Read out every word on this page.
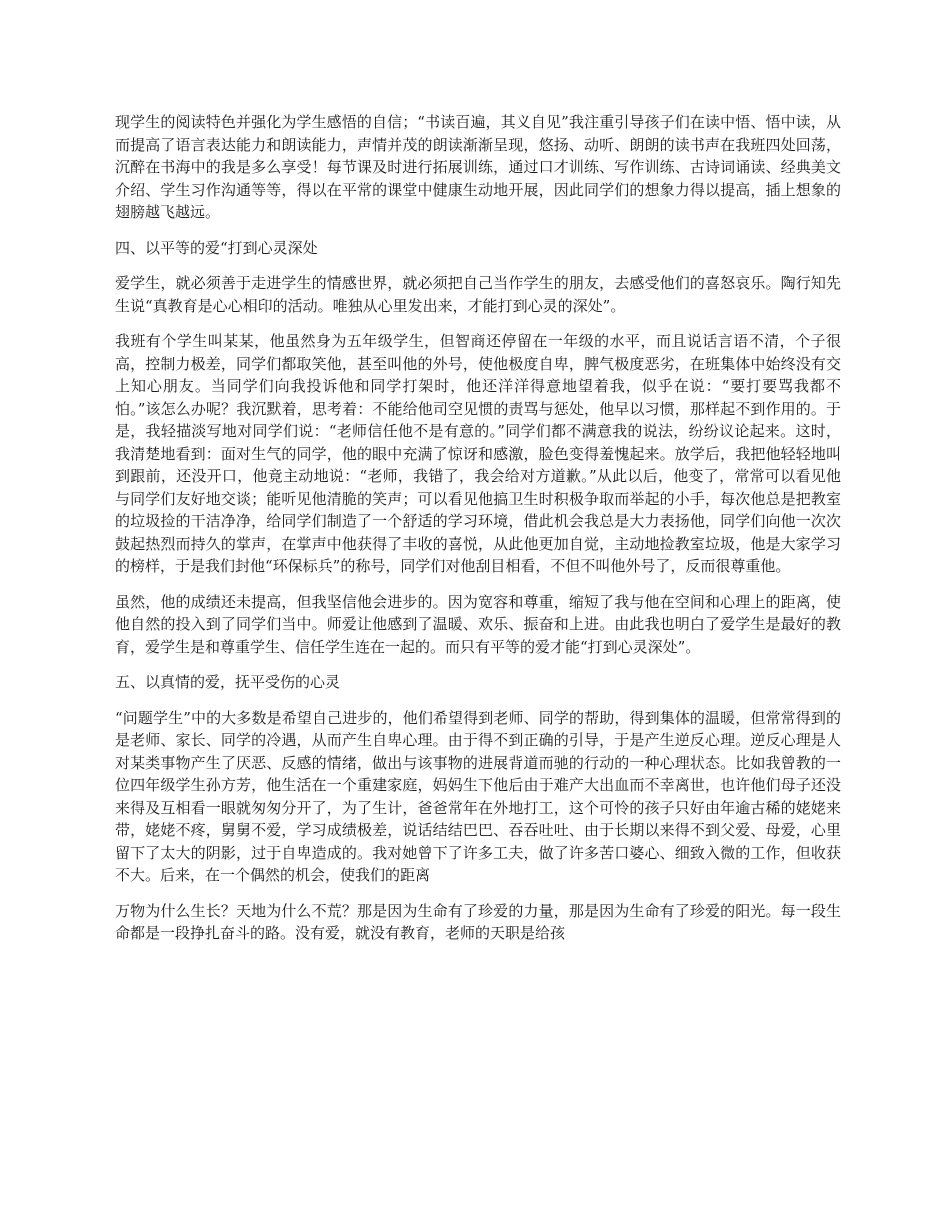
现学生的阅读特色并强化为学生感悟的自信；“书读百遍，其义自见”我注重引导孩子们在读中悟、悟中读，从而提高了语言表达能力和朗读能力，声情并茂的朗读渐渐呈现，悠扬、动听、朗朗的读书声在我班四处回荡，沉醉在书海中的我是多么享受！每节课及时进行拓展训练，通过口才训练、写作训练、古诗词诵读、经典美文介绍、学生习作沟通等等，得以在平常的课堂中健康生动地开展，因此同学们的想象力得以提高，插上想象的翅膀越飞越远。

四、以平等的爱“打到心灵深处

爱学生，就必须善于走进学生的情感世界，就必须把自己当作学生的朋友，去感受他们的喜怒哀乐。陶行知先生说“真教育是心心相印的活动。唯独从心里发出来，才能打到心灵的深处”。

我班有个学生叫某某，他虽然身为五年级学生，但智商还停留在一年级的水平，而且说话言语不清，个子很高，控制力极差，同学们都取笑他，甚至叫他的外号，使他极度自卑，脾气极度恶劣，在班集体中始终没有交上知心朋友。当同学们向我投诉他和同学打架时，他还洋洋得意地望着我，似乎在说：“要打要骂我都不怕。”该怎么办呢？我沉默着，思考着：不能给他司空见惯的责骂与惩处，他早以习惯，那样起不到作用的。于是，我轻描淡写地对同学们说：“老师信任他不是有意的。”同学们都不满意我的说法，纷纷议论起来。这时，我清楚地看到：面对生气的同学，他的眼中充满了惊讶和感激，脸色变得羞愧起来。放学后，我把他轻轻地叫到跟前，还没开口，他竟主动地说：“老师，我错了，我会给对方道歉。”从此以后，他变了，常常可以看见他与同学们友好地交谈；能听见他清脆的笑声；可以看见他搞卫生时积极争取而举起的小手，每次他总是把教室的垃圾捡的干洁净净，给同学们制造了一个舒适的学习环境，借此机会我总是大力表扬他，同学们向他一次次鼓起热烈而持久的掌声，在掌声中他获得了丰收的喜悦，从此他更加自觉，主动地捡教室垃圾，他是大家学习的榜样，于是我们封他“环保标兵”的称号，同学们对他刮目相看，不但不叫他外号了，反而很尊重他。

虽然，他的成绩还未提高，但我坚信他会进步的。因为宽容和尊重，缩短了我与他在空间和心理上的距离，使他自然的投入到了同学们当中。师爱让他感到了温暖、欢乐、振奋和上进。由此我也明白了爱学生是最好的教育，爱学生是和尊重学生、信任学生连在一起的。而只有平等的爱才能“打到心灵深处”。

五、以真情的爱，抚平受伤的心灵

“问题学生”中的大多数是希望自己进步的，他们希望得到老师、同学的帮助，得到集体的温暖，但常常得到的是老师、家长、同学的冷遇，从而产生自卑心理。由于得不到正确的引导，于是产生逆反心理。逆反心理是人对某类事物产生了厌恶、反感的情绪，做出与该事物的进展背道而驰的行动的一种心理状态。比如我曾教的一位四年级学生孙方芳，他生活在一个重建家庭，妈妈生下他后由于难产大出血而不幸离世，也许他们母子还没来得及互相看一眼就匆匆分开了，为了生计，爸爸常年在外地打工，这个可怜的孩子只好由年逾古稀的姥姥来带，姥姥不疼，舅舅不爱，学习成绩极差，说话结结巴巴、吞吞吐吐、由于长期以来得不到父爱、母爱，心里留下了太大的阴影，过于自卑造成的。我对她曾下了许多工夫，做了许多苦口婆心、细致入微的工作，但收获不大。后来，在一个偶然的机会，使我们的距离

万物为什么生长？天地为什么不荒？那是因为生命有了珍爱的力量，那是因为生命有了珍爱的阳光。每一段生命都是一段挣扎奋斗的路。没有爱，就没有教育，老师的天职是给孩
